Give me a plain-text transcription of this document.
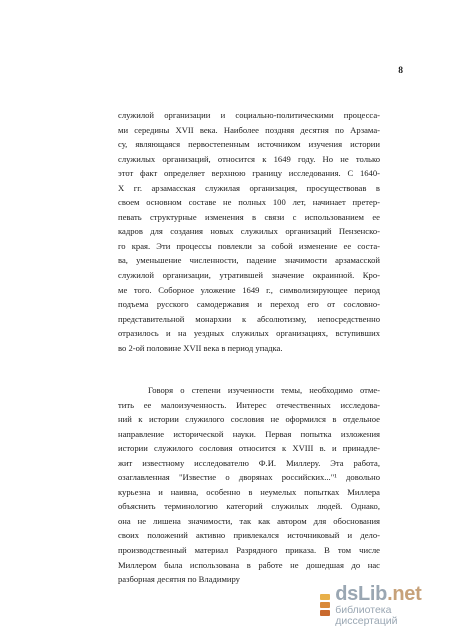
8
служилой организации и социально-политическими процесса-
ми середины XVII века. Наиболее поздняя десятня по Арзама-
су, являющаяся первостепенным источником изучения истории
служилых организаций, относится к 1649 году. Но не только
этот факт определяет верхнюю границу исследования. С 1640-
X гг. арзамасская служилая организация, просуществовав в
своем основном составе не полных 100 лет, начинает претер-
певать структурные изменения в связи с использованием ее
кадров для создания новых служилых организаций Пензенско-
го края. Эти процессы повлекли за собой изменение ее соста-
ва, уменьшение численности, падение значимости арзамасской
служилой организации, утратившей значение окраинной. Кро-
ме того. Соборное уложение 1649 г., символизирующее период
подъема русского самодержавия и переход его от сословно-
представительной монархии к абсолютизму, непосредственно
отразилось и на уездных служилых организациях, вступивших
во 2-ой половине XVII века в период упадка.
Говоря о степени изученности темы, необходимо отме-
тить ее малоизученность. Интерес отечественных исследова-
ний к истории служилого сословия не оформился в отдельное
направление исторической науки. Первая попытка изложения
истории служилого сословия относится к XVIII в. и принадле-
жит известному исследователю Ф.И. Миллеру. Эта работа,
озаглавленная "Известие о дворянах российских..."¹ довольно
курьезна и наивна, особенно в неумелых попытках Миллера
объяснить терминологию категорий служилых людей. Однако,
она не лишена значимости, так как автором для обоснования
своих положений активно привлекался источниковый и дело-
производственный материал Разрядного приказа. В том числе
Миллером была использована в работе не дошедшая до нас
разборная десятня по Владимиру
dsLib.net
библиотека диссертаций
